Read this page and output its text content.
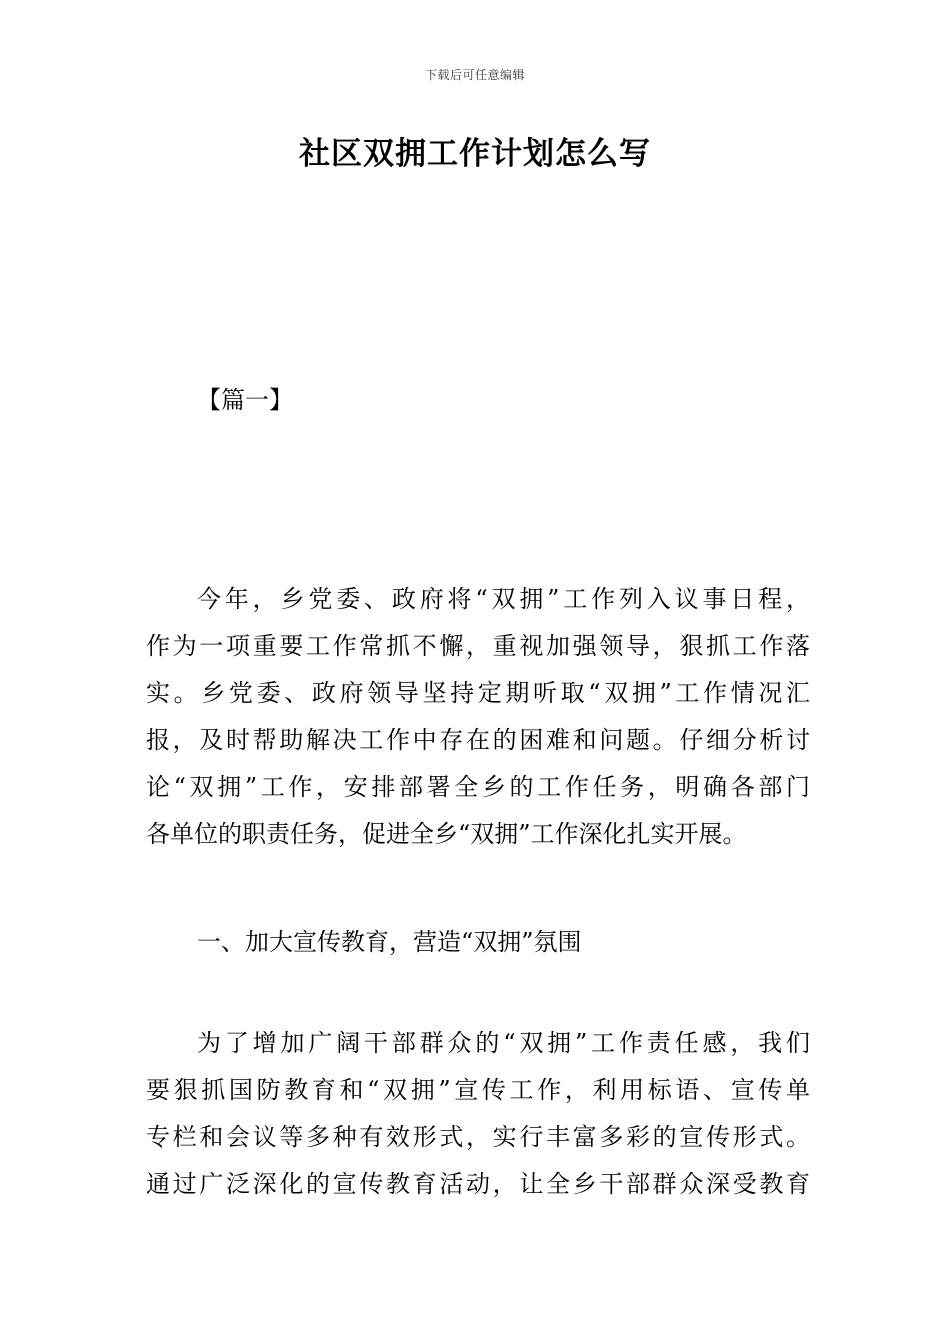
下载后可任意编辑
社区双拥工作计划怎么写
【篇一】
今年，乡党委、政府将“双拥”工作列入议事日程，
作为一项重要工作常抓不懈，重视加强领导，狠抓工作落
实。乡党委、政府领导坚持定期听取“双拥”工作情况汇
报，及时帮助解决工作中存在的困难和问题。仔细分析讨
论“双拥”工作，安排部署全乡的工作任务，明确各部门
各单位的职责任务，促进全乡“双拥”工作深化扎实开展。
一、加大宣传教育，营造“双拥”氛围
为了增加广阔干部群众的“双拥”工作责任感，我们
要狠抓国防教育和“双拥”宣传工作，利用标语、宣传单
专栏和会议等多种有效形式，实行丰富多彩的宣传形式。
通过广泛深化的宣传教育活动，让全乡干部群众深受教育
